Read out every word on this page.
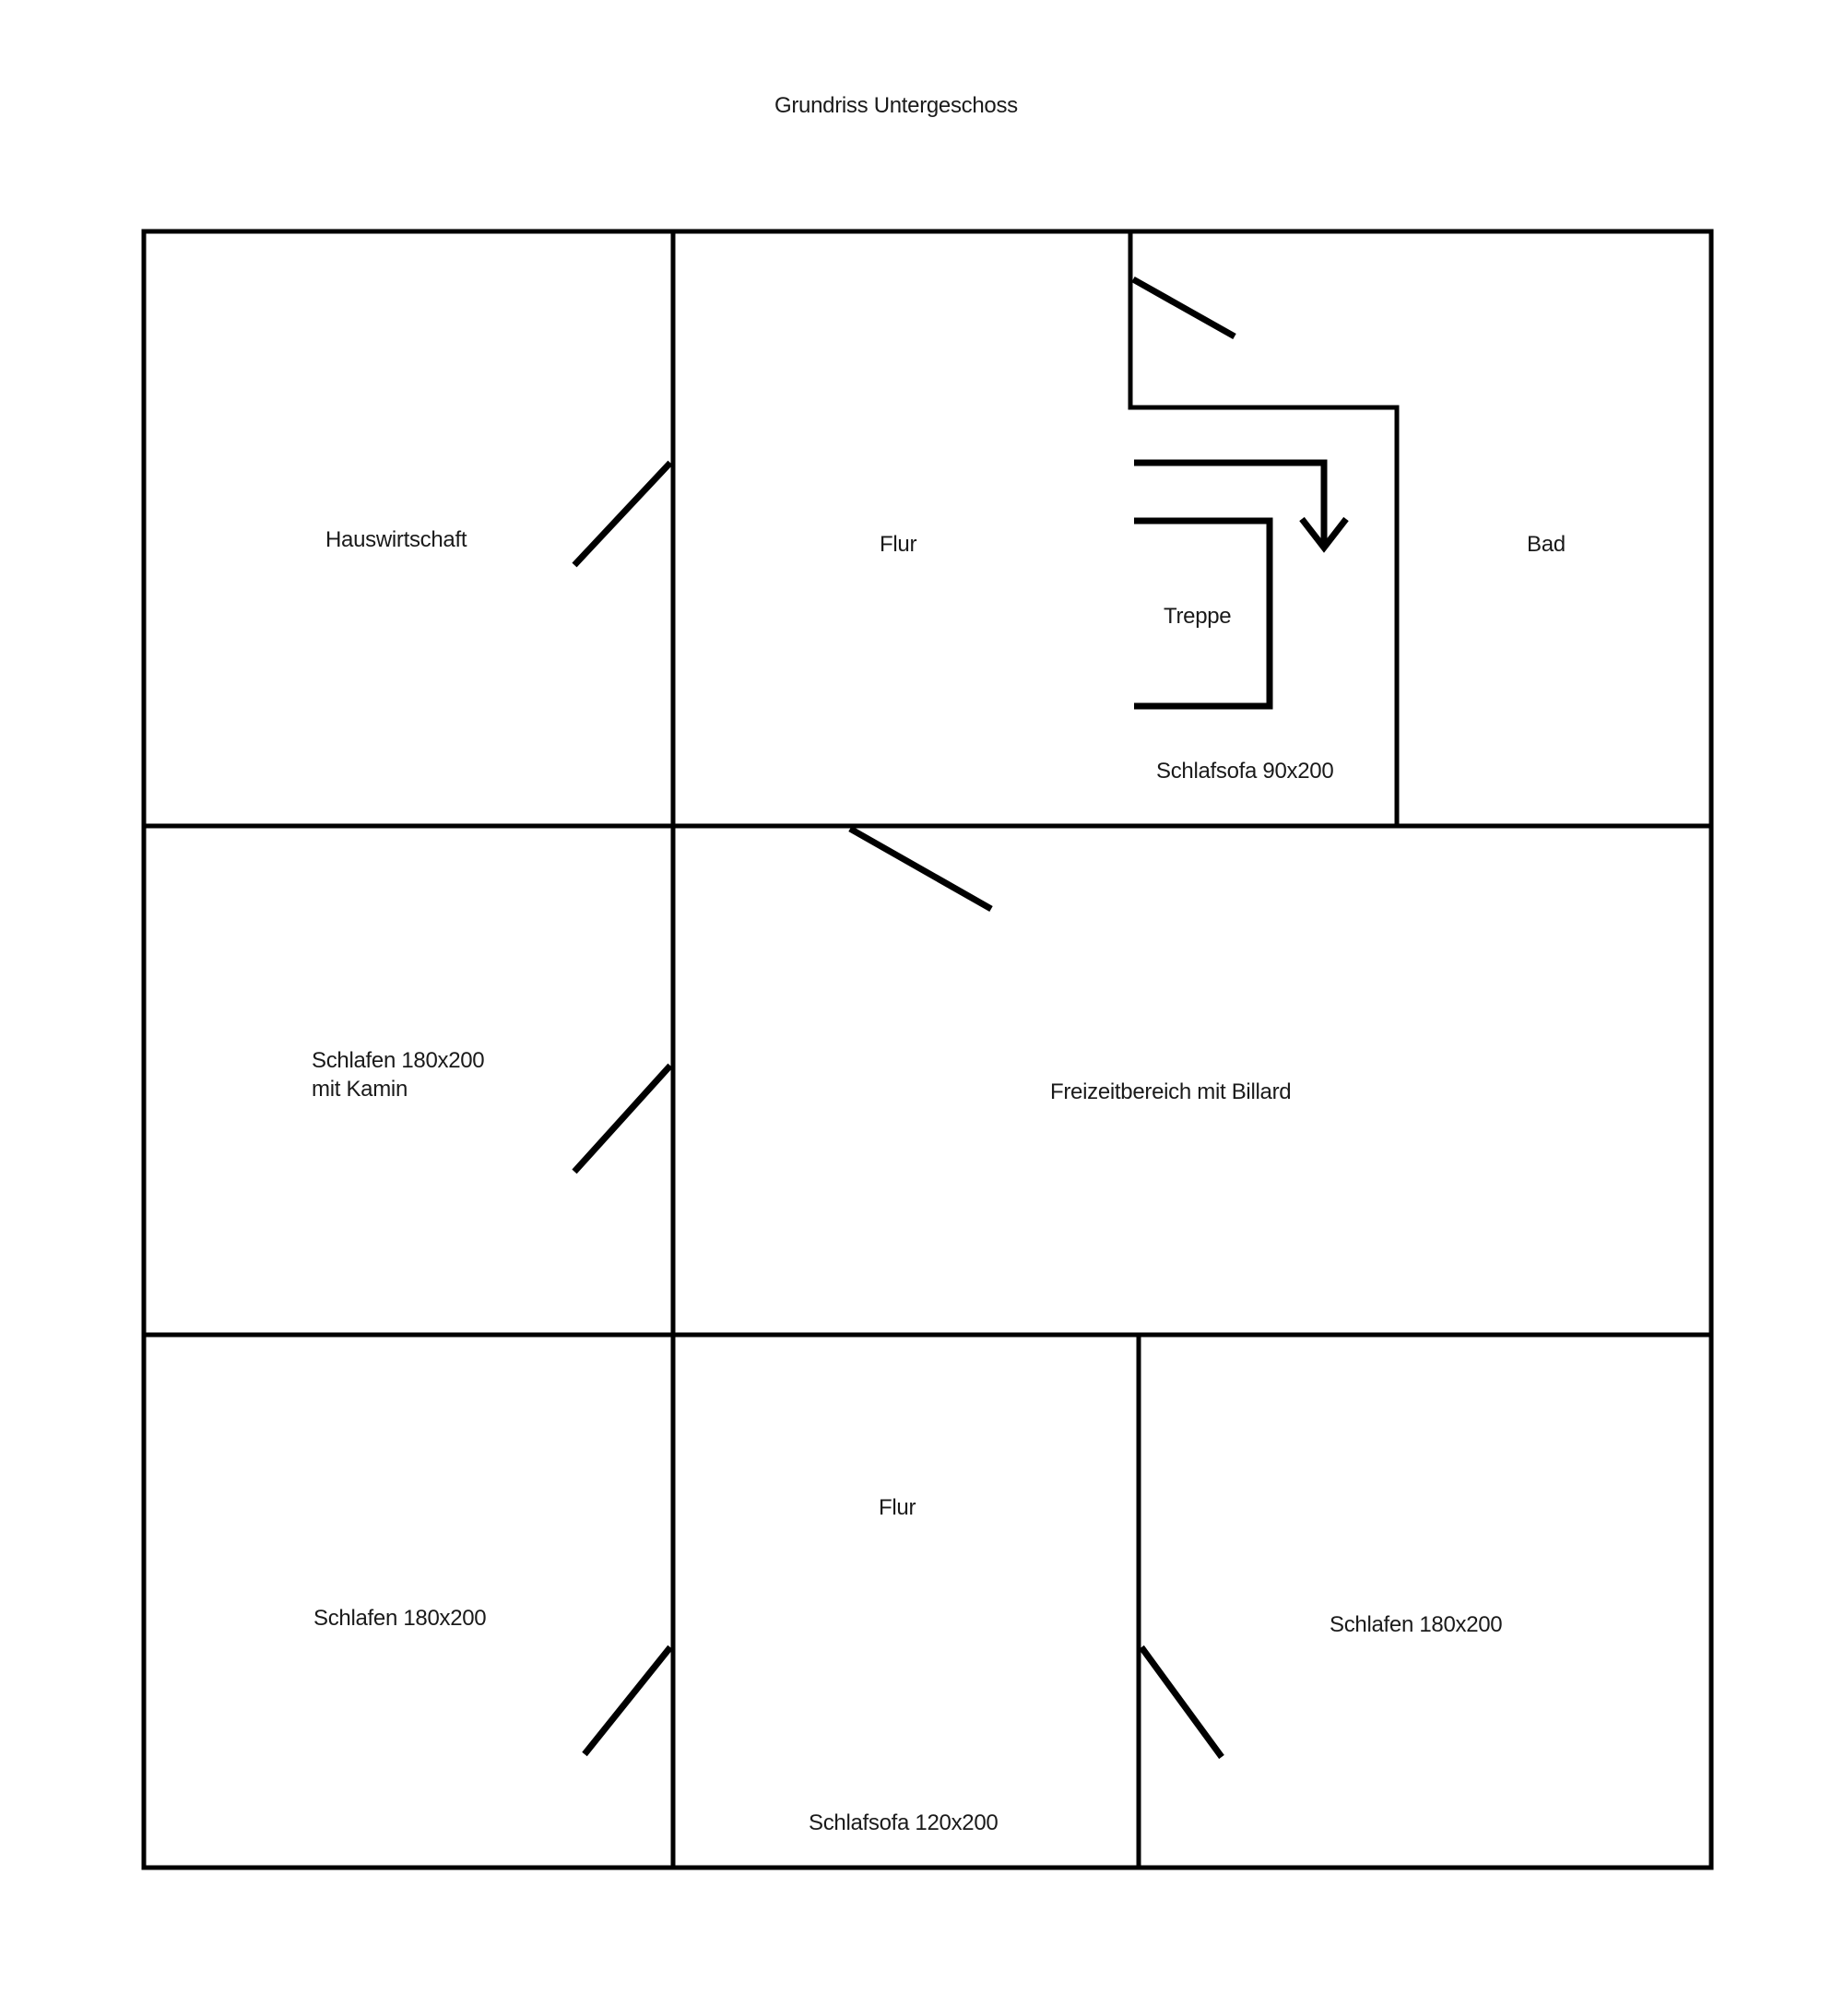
Grundriss Untergeschoss
Hauswirtschaft	Flur
Treppe
Schlafsofa 90x200
Bad
Schlafen 180x200
mit Kamin	Freizeitbereich mit Billard
Schlafen 180x200
Flur
Schlafsofa 120x200
Schlafen 180x200
